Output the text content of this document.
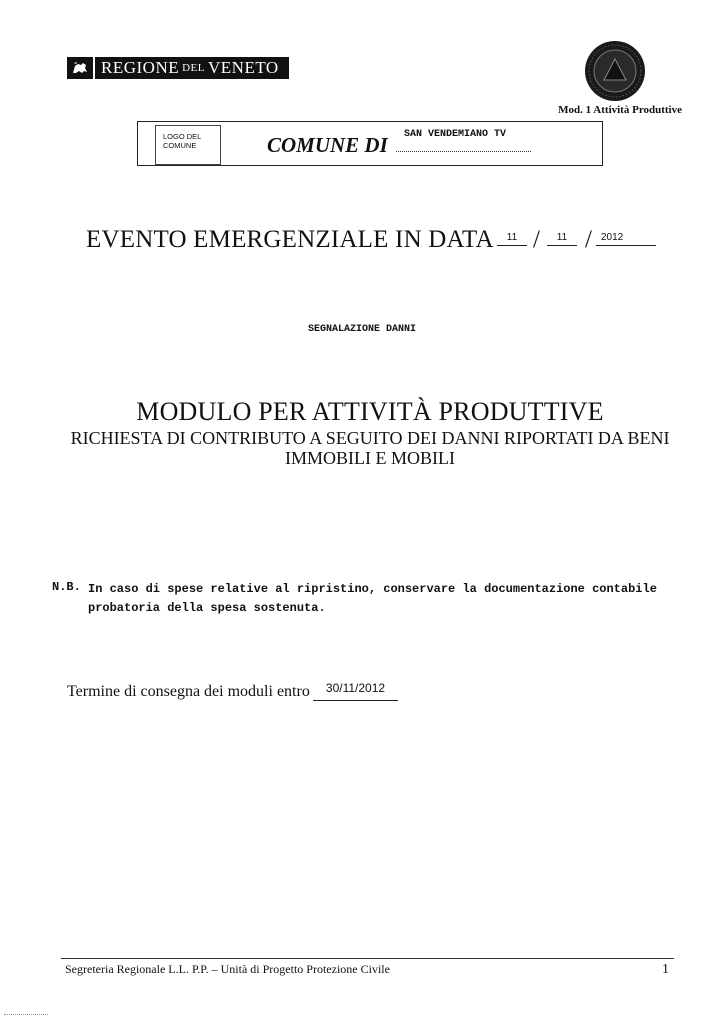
REGIONE DEL VENETO
Mod. 1 Attività Produttive
LOGO DEL
COMUNE	COMUNE DI SAN VENDEMIANO TV
EVENTO EMERGENZIALE IN DATA	11 /	11 / 2012
SEGNALAZIONE DANNI
MODULO PER ATTIVITÀ PRODUTTIVE
RICHIESTA DI CONTRIBUTO A SEGUITO DEI DANNI RIPORTATI DA BENI
IMMOBILI E MOBILI
N.B. In caso di spese relative al ripristino, conservare la documentazione contabile probatoria della spesa sostenuta.
Termine di consegna dei moduli entro	30/11/2012
Segreteria Regionale L.L. P.P. – Unità di Progetto Protezione Civile	1
